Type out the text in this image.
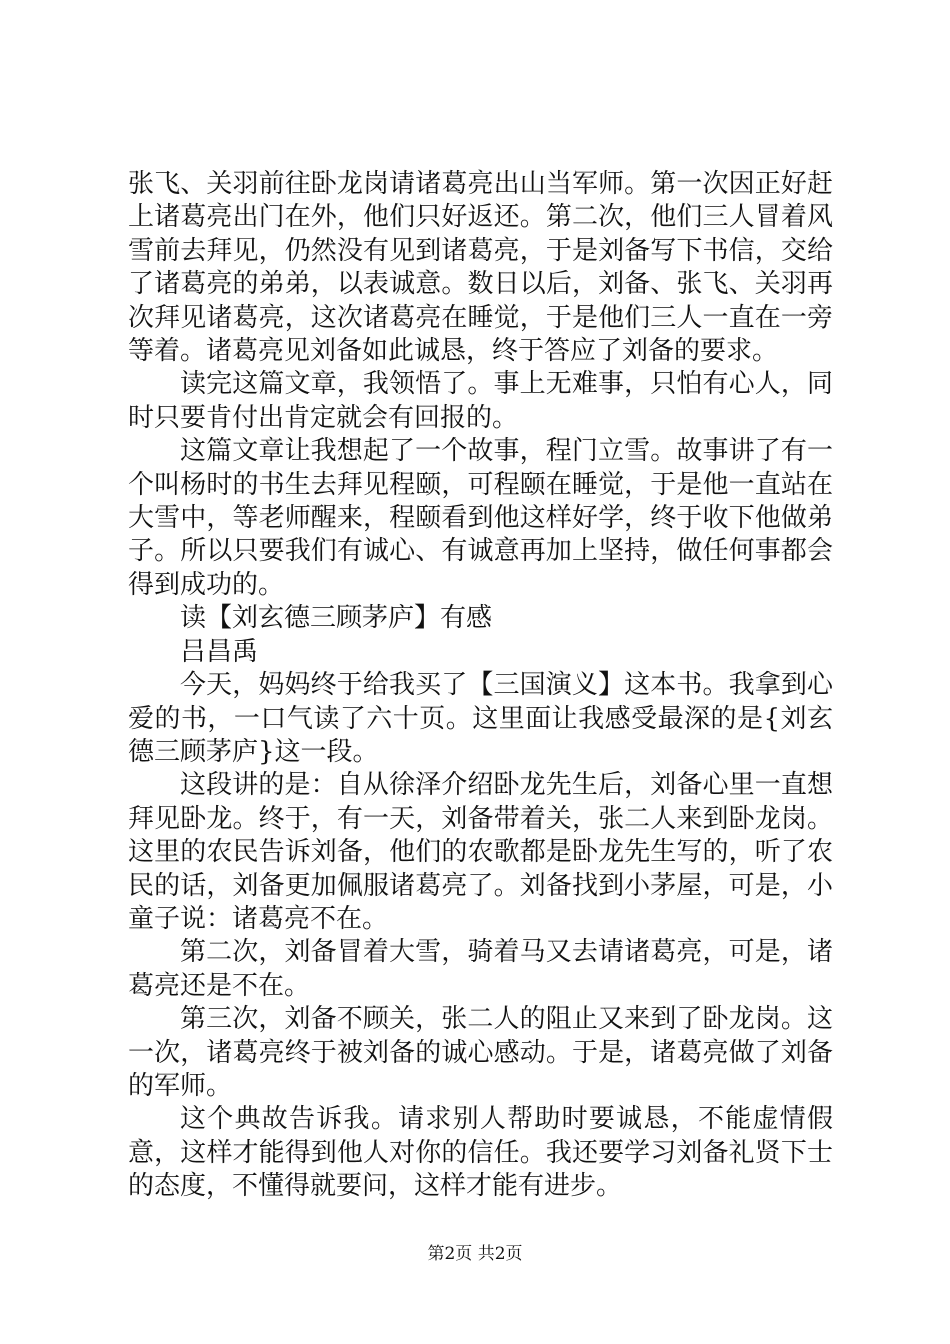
张飞、关羽前往卧龙岗请诸葛亮出山当军师。第一次因正好赶上诸葛亮出门在外，他们只好返还。第二次，他们三人冒着风雪前去拜见，仍然没有见到诸葛亮，于是刘备写下书信，交给了诸葛亮的弟弟，以表诚意。数日以后，刘备、张飞、关羽再次拜见诸葛亮，这次诸葛亮在睡觉，于是他们三人一直在一旁等着。诸葛亮见刘备如此诚恳，终于答应了刘备的要求。

读完这篇文章，我领悟了。事上无难事，只怕有心人，同时只要肯付出肯定就会有回报的。

这篇文章让我想起了一个故事，程门立雪。故事讲了有一个叫杨时的书生去拜见程颐，可程颐在睡觉，于是他一直站在大雪中，等老师醒来，程颐看到他这样好学，终于收下他做弟子。所以只要我们有诚心、有诚意再加上坚持，做任何事都会得到成功的。

读【刘玄德三顾茅庐】有感

吕昌禹

今天，妈妈终于给我买了【三国演义】这本书。我拿到心爱的书，一口气读了六十页。这里面让我感受最深的是{刘玄德三顾茅庐}这一段。

这段讲的是：自从徐泽介绍卧龙先生后，刘备心里一直想拜见卧龙。终于，有一天，刘备带着关，张二人来到卧龙岗。这里的农民告诉刘备，他们的农歌都是卧龙先生写的，听了农民的话，刘备更加佩服诸葛亮了。刘备找到小茅屋，可是，小童子说：诸葛亮不在。

第二次，刘备冒着大雪，骑着马又去请诸葛亮，可是，诸葛亮还是不在。

第三次，刘备不顾关，张二人的阻止又来到了卧龙岗。这一次，诸葛亮终于被刘备的诚心感动。于是，诸葛亮做了刘备的军师。

这个典故告诉我。请求别人帮助时要诚恳，不能虚情假意，这样才能得到他人对你的信任。我还要学习刘备礼贤下士的态度，不懂得就要问，这样才能有进步。

第2页 共2页
